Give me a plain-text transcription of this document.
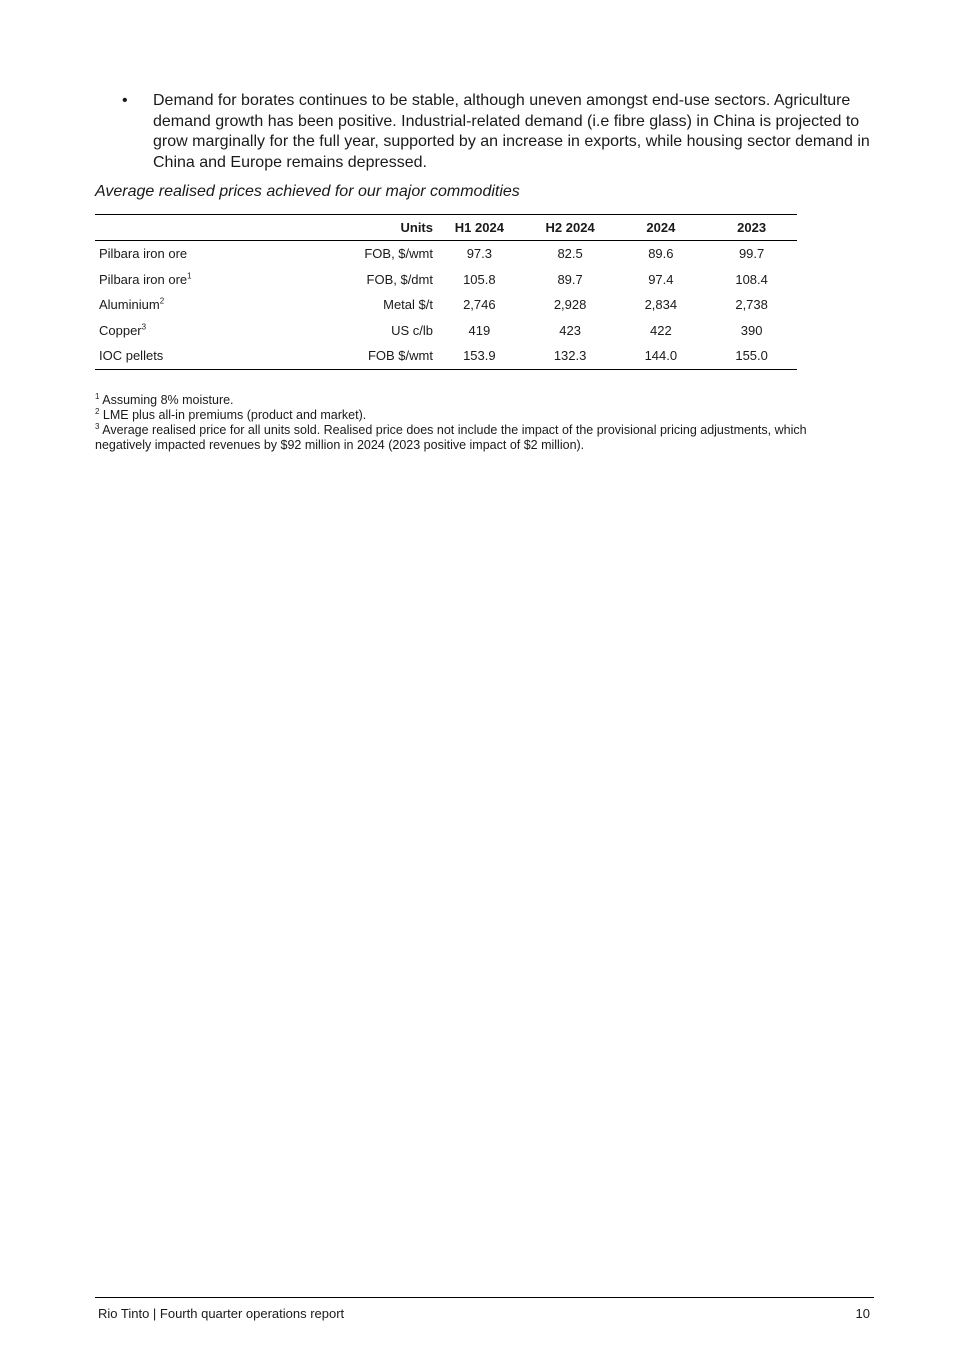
•	Demand for borates continues to be stable, although uneven amongst end-use sectors. Agriculture demand growth has been positive. Industrial-related demand (i.e fibre glass) in China is projected to grow marginally for the full year, supported by an increase in exports, while housing sector demand in China and Europe remains depressed.

Average realised prices achieved for our major commodities

	Units	H1 2024	H2 2024	2024	2023
Pilbara iron ore	FOB, $/wmt	97.3	82.5	89.6	99.7
Pilbara iron ore$^1$	FOB, $/dmt	105.8	89.7	97.4	108.4
Aluminium$^2$	Metal $/t	2,746	2,928	2,834	2,738
Copper$^3$	US c/lb	419	423	422	390
IOC pellets	FOB $/wmt	153.9	132.3	144.0	155.0

$^1$ Assuming 8% moisture.

$^2$ LME plus all-in premiums (product and market).

$^3$ Average realised price for all units sold. Realised price does not include the impact of the provisional pricing adjustments, which negatively impacted revenues by $92 million in 2024 (2023 positive impact of $2 million).

Rio Tinto | Fourth quarter operations report	10
